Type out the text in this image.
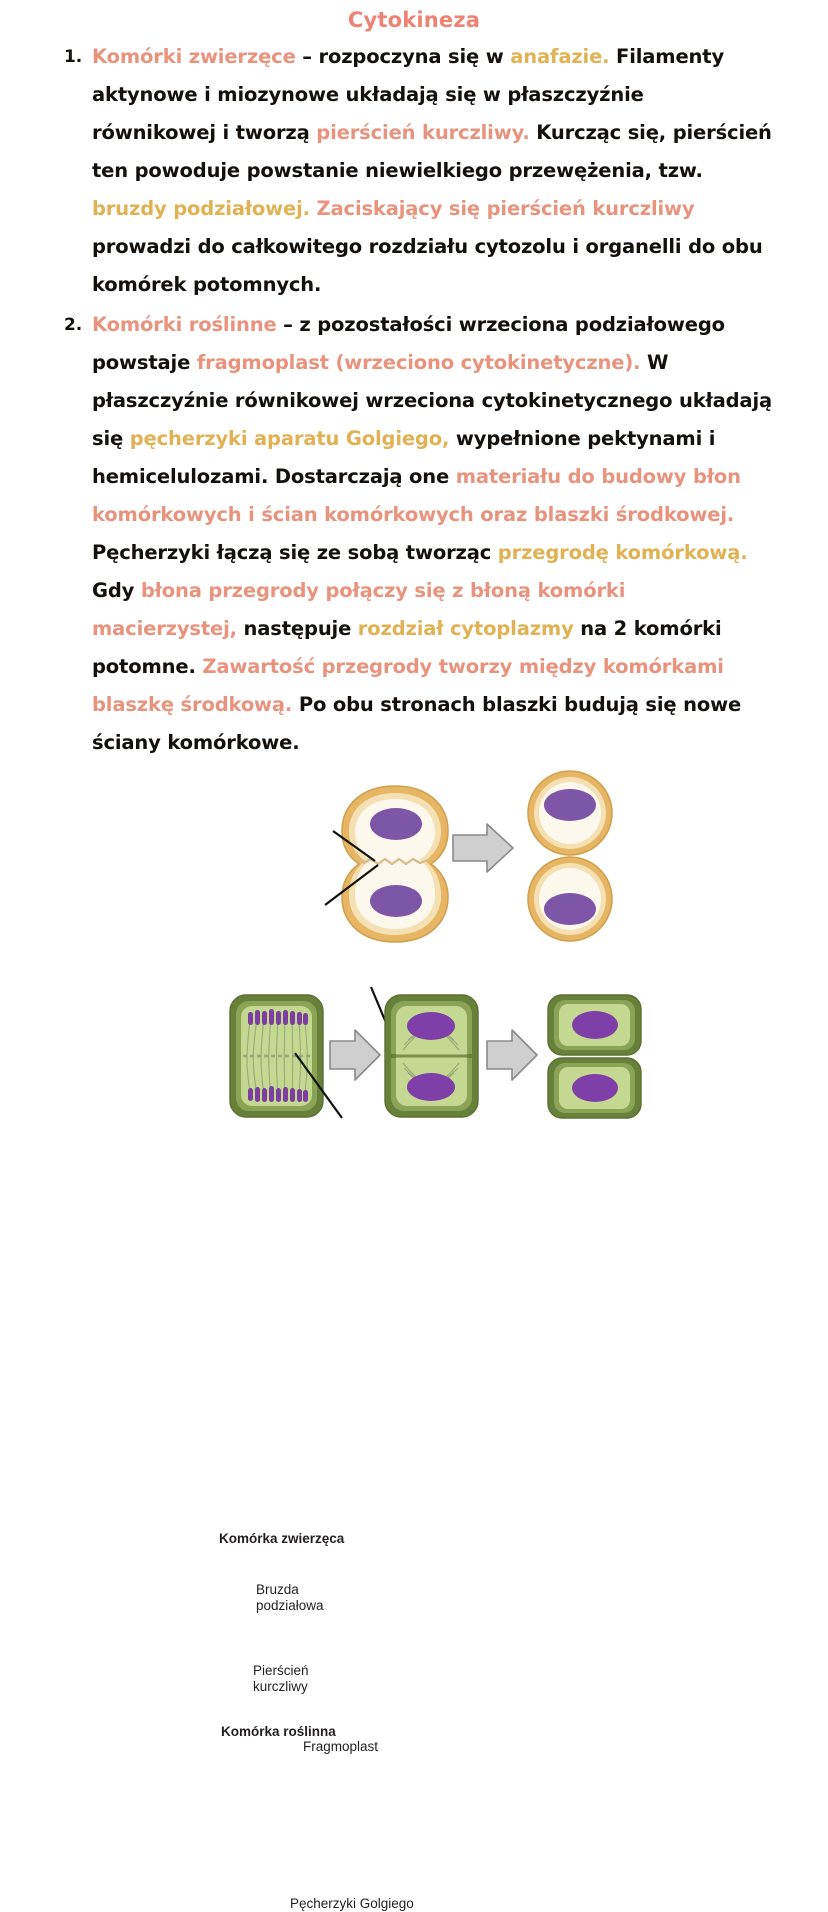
Cytokineza
Komórki zwierzęce – rozpoczyna się w anafazie. Filamenty aktynowe i miozynowe układają się w płaszczyźnie równikowej i tworzą pierścień kurczliwy. Kurcząc się, pierścień ten powoduje powstanie niewielkiego przewężenia, tzw. bruzdy podziałowej. Zaciskający się pierścień kurczliwy prowadzi do całkowitego rozdziału cytozolu i organelli do obu komórek potomnych.
Komórki roślinne – z pozostałości wrzeciona podziałowego powstaje fragmoplast (wrzeciono cytokinetyczne). W płaszczyźnie równikowej wrzeciona cytokinetycznego układają się pęcherzyki aparatu Golgiego, wypełnione pektynami i hemicelulozami. Dostarczają one materiału do budowy błon komórkowych i ścian komórkowych oraz blaszki środkowej. Pęcherzyki łączą się ze sobą tworząc przegrodę komórkową. Gdy błona przegrody połączy się z błoną komórki macierzystej, następuje rozdział cytoplazmy na 2 komórki potomne. Zawartość przegrody tworzy między komórkami blaszkę środkową. Po obu stronach blaszki budują się nowe ściany komórkowe.
Komórka zwierzęca
Bruzda
podziałowa
Pierścień
kurczliwy
Komórka roślinna
Fragmoplast
Pęcherzyki Golgiego
